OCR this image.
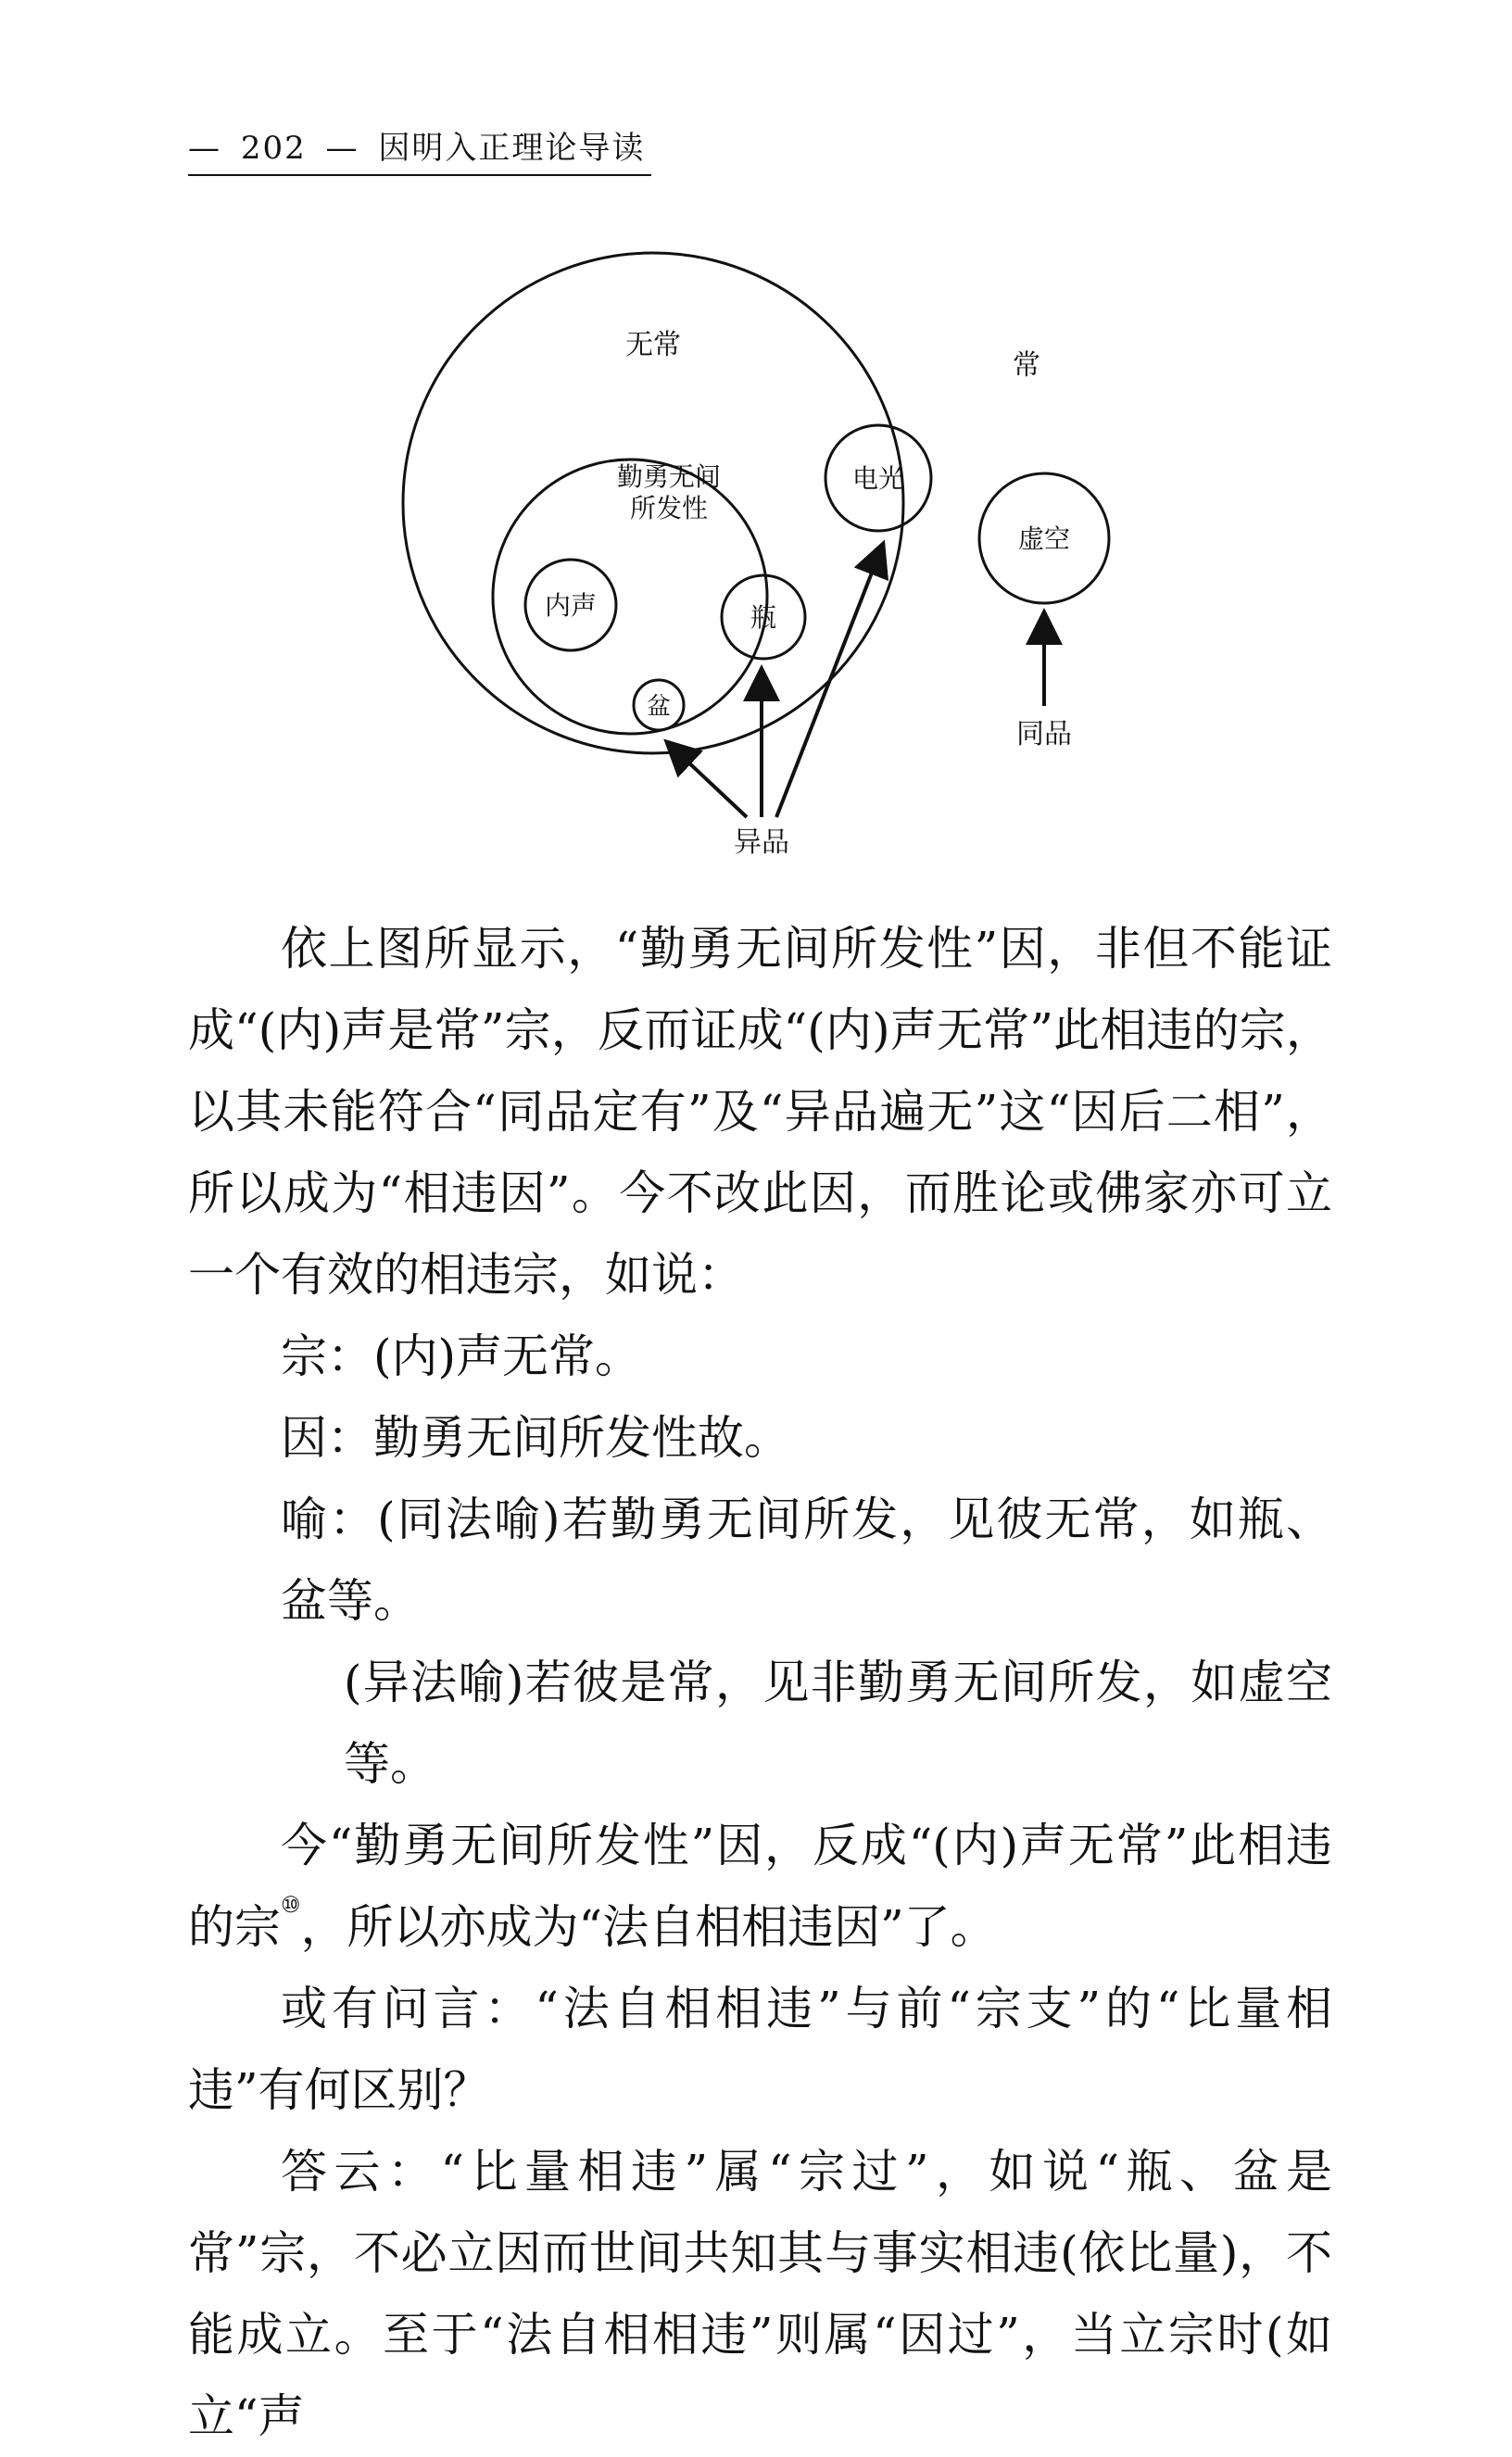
— 202 — 因明入正理论导读
无常
常
勤勇无间
所发性
内声	瓶
盆
电光
虚空
同品
异品

依上图所显示，“勤勇无间所发性”因，非但不能证成“(内)声是常”宗，反而证成“(内)声无常”此相违的宗，以其未能符合“同品定有”及“异品遍无”这“因后二相”，所以成为“相违因”。今不改此因，而胜论或佛家亦可立一个有效的相违宗，如说：

宗：(内)声无常。

因：勤勇无间所发性故。

喻：(同法喻)若勤勇无间所发，见彼无常，如瓶、盆等。

(异法喻)若彼是常，见非勤勇无间所发，如虚空等。

今“勤勇无间所发性”因，反成“(内)声无常”此相违的宗⑩，所以亦成为“法自相相违因”了。

或有问言：“法自相相违”与前“宗支”的“比量相违”有何区别？

答云：“比量相违”属“宗过”，如说“瓶、盆是常”宗，不必立因而世间共知其与事实相违(依比量)，不能成立。至于“法自相相违”则属“因过”，当立宗时(如立“声
